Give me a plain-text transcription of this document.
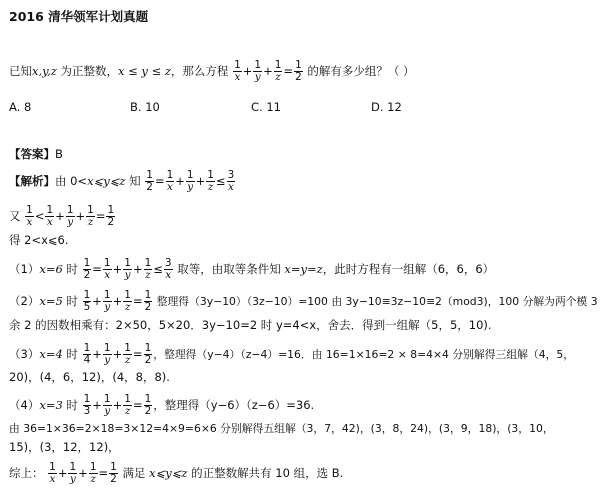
2016 清华领军计划真题
已知x,y,z 为正整数，x ≤ y ≤ z，那么方程 $\frac{1}{x} + \frac{1}{y} + \frac{1}{z} = \frac{1}{2}$ 的解有多少组？（ ）
A. 8	B. 10	C. 11	D. 12
【答案】B
【解析】由 0<x⩽y⩽z 知 $\frac{1}{2} = \frac{1}{x} + \frac{1}{y} + \frac{1}{z} \le \frac{3}{x}$
又 $\frac{1}{x} < \frac{1}{x} + \frac{1}{y} + \frac{1}{z} = \frac{1}{2}$
得 2<x⩽6.
（1）x=6 时 $\frac{1}{2} = \frac{1}{x} + \frac{1}{y} + \frac{1}{z} \le \frac{3}{x}$ 取等，由取等条件知 x=y=z，此时方程有一组解（6，6，6）
（2）x=5 时 $\frac{1}{5} + \frac{1}{y} + \frac{1}{z} = \frac{1}{2}$ 整理得（3y−10）（3z−10）=100 由 3y−10≡3z−10≡2（mod3)，100 分解为两个模 3
余 2 的因数相乘有：2×50，5×20．3y−10=2 时 y=4<x，舍去．得到一组解（5，5，10).
（3）x=4 时 $\frac{1}{4} + \frac{1}{y} + \frac{1}{z} = \frac{1}{2}$ ，整理得（y−4）（z−4）=16．由 16=1×16=2 × 8=4×4 分别解得三组解（4，5，
20)，(4，6，12)，(4，8，8).
（4）x=3 时 $\frac{1}{3} + \frac{1}{y} + \frac{1}{z} = \frac{1}{2}$ ，整理得（y−6）（z−6）=36.
由 36=1×36=2×18=3×12=4×9=6×6 分别解得五组解（3，7，42)，(3，8，24)，(3，9，18)，(3，10，
15)，(3，12，12)，
综上： $\frac{1}{x} + \frac{1}{y} + \frac{1}{z} = \frac{1}{2}$ 满足 x⩽y⩽z 的正整数解共有 10 组，选 B.
